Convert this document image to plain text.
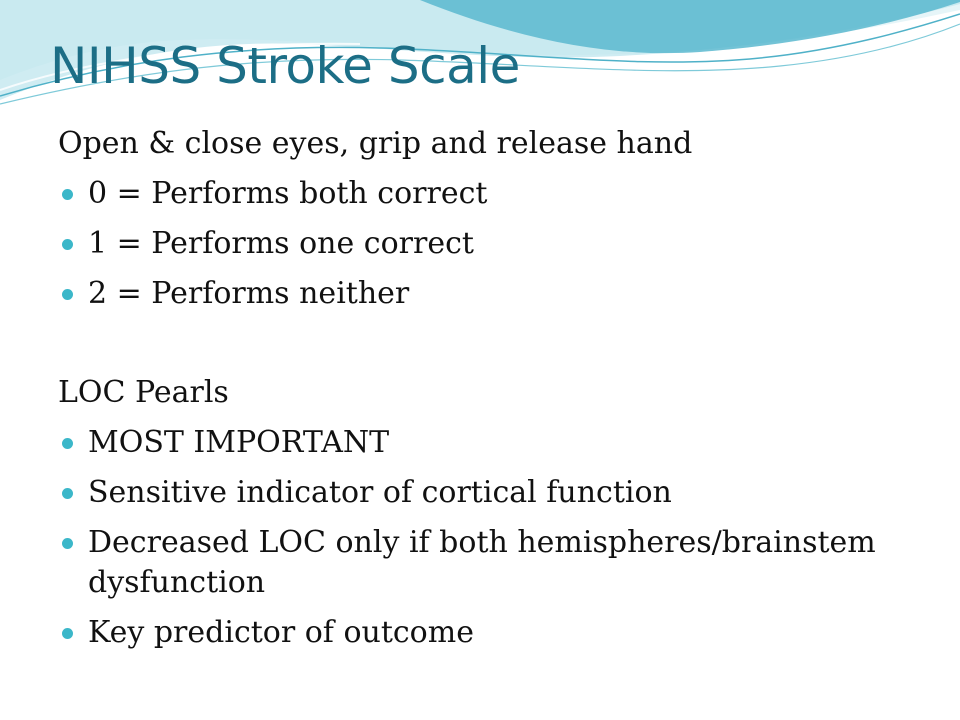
NIHSS Stroke Scale

Open & close eyes, grip and release hand

0 = Performs both correct
1 = Performs one correct
2 = Performs neither

LOC Pearls

MOST IMPORTANT
Sensitive indicator of cortical function
Decreased LOC only if both hemispheres/brainstem dysfunction
Key predictor of outcome
